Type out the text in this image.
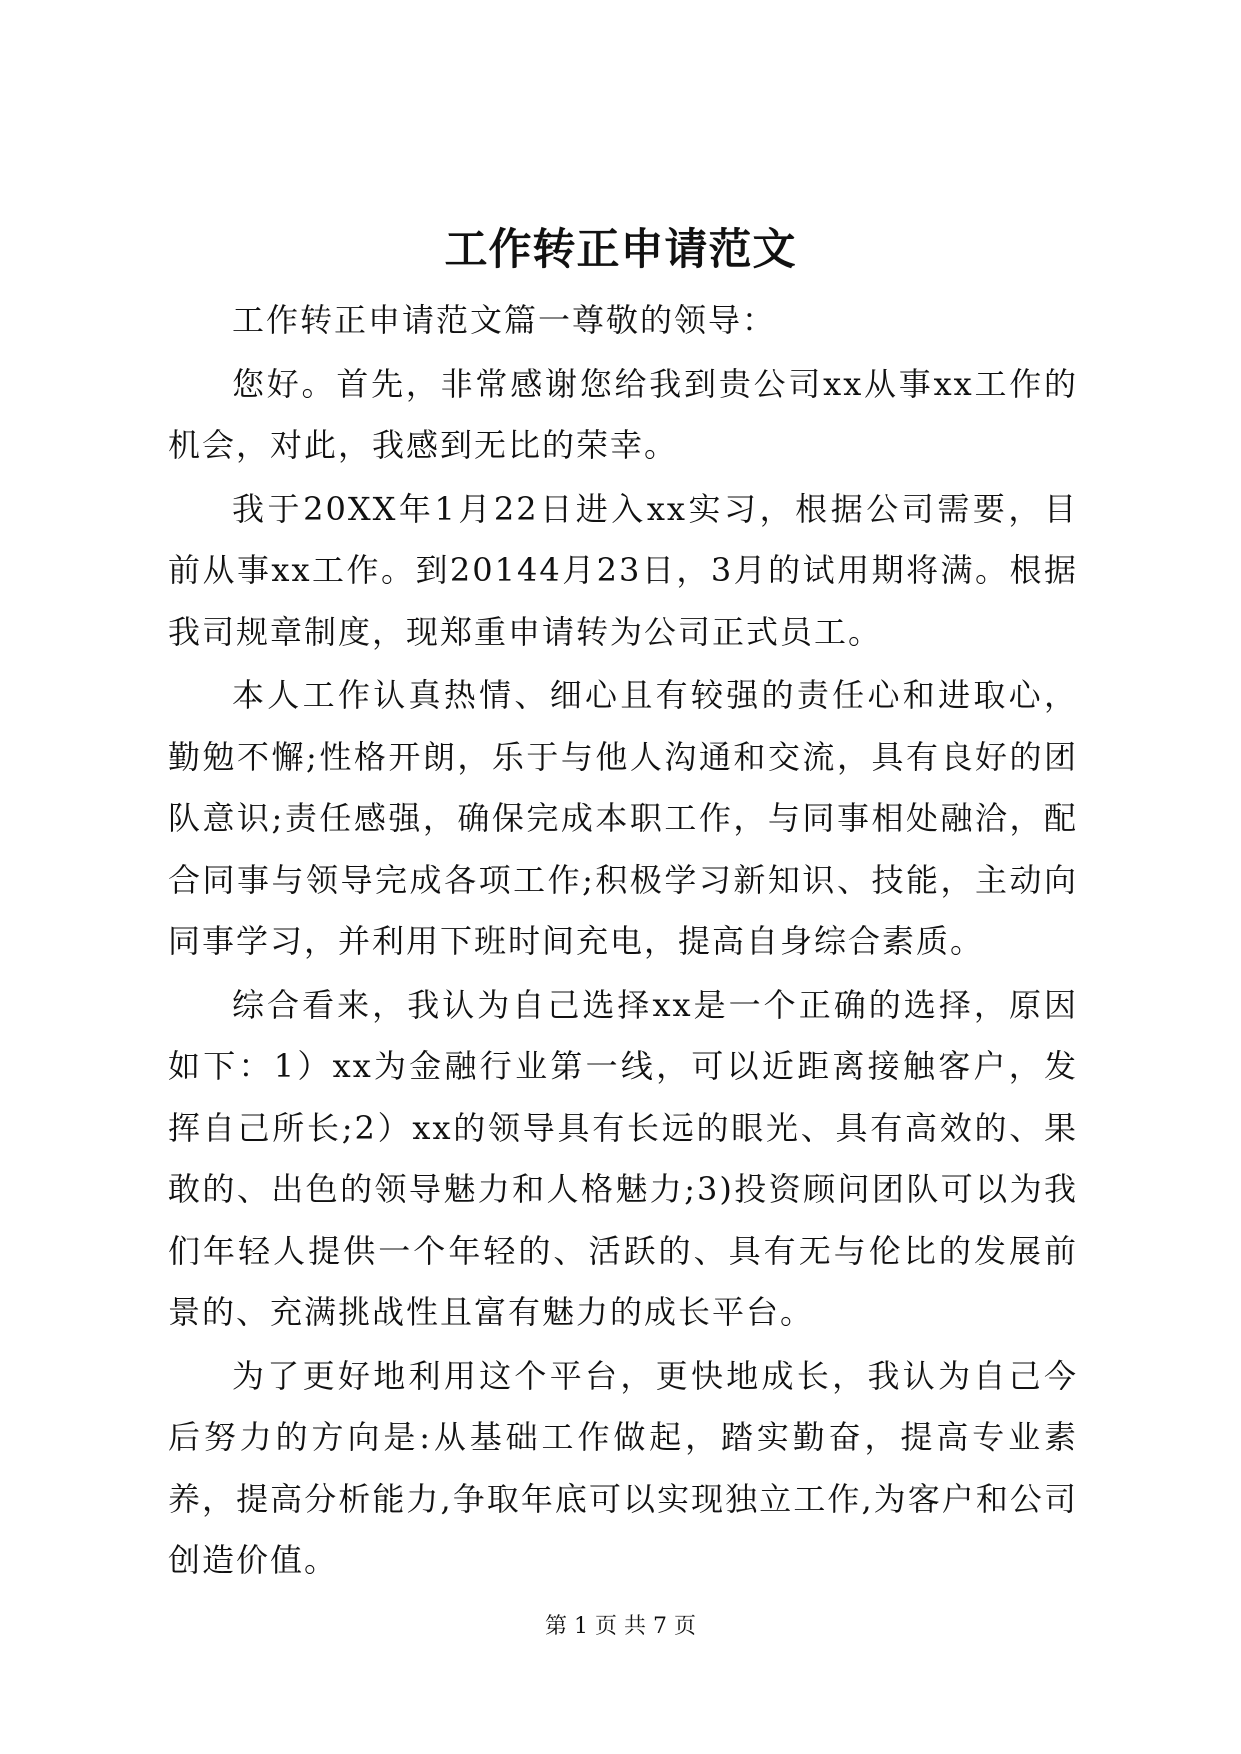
工作转正申请范文

工作转正申请范文篇一尊敬的领导：

您好。首先，非常感谢您给我到贵公司xx从事xx工作的机会，对此，我感到无比的荣幸。

我于20XX年1月22日进入xx实习，根据公司需要，目前从事xx工作。到20144月23日，3月的试用期将满。根据我司规章制度，现郑重申请转为公司正式员工。

本人工作认真热情、细心且有较强的责任心和进取心，勤勉不懈;性格开朗，乐于与他人沟通和交流，具有良好的团队意识;责任感强，确保完成本职工作，与同事相处融洽，配合同事与领导完成各项工作;积极学习新知识、技能，主动向同事学习，并利用下班时间充电，提高自身综合素质。

综合看来，我认为自己选择xx是一个正确的选择，原因如下：1）xx为金融行业第一线，可以近距离接触客户，发挥自己所长;2）xx的领导具有长远的眼光、具有高效的、果敢的、出色的领导魅力和人格魅力;3)投资顾问团队可以为我们年轻人提供一个年轻的、活跃的、具有无与伦比的发展前景的、充满挑战性且富有魅力的成长平台。

为了更好地利用这个平台，更快地成长，我认为自己今后努力的方向是:从基础工作做起，踏实勤奋，提高专业素养，提高分析能力,争取年底可以实现独立工作,为客户和公司创造价值。

第 1 页 共 7 页
